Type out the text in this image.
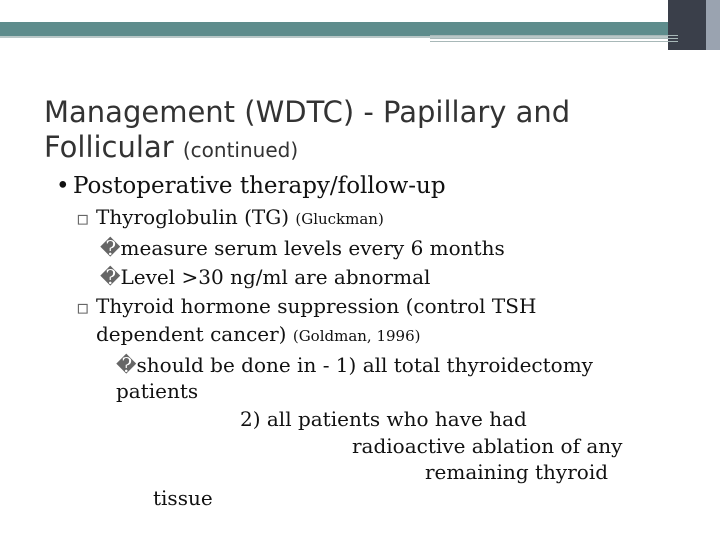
Management (WDTC) - Papillary and
Follicular (continued)
• Postoperative therapy/follow-up
▫ Thyroglobulin (TG) (Gluckman)
�measure serum levels every 6 months
�Level >30 ng/ml are abnormal
▫ Thyroid hormone suppression (control TSH
dependent cancer) (Goldman, 1996)
�should be done in - 1) all total thyroidectomy
patients
2) all patients who have had
radioactive ablation of any
remaining thyroid
tissue
